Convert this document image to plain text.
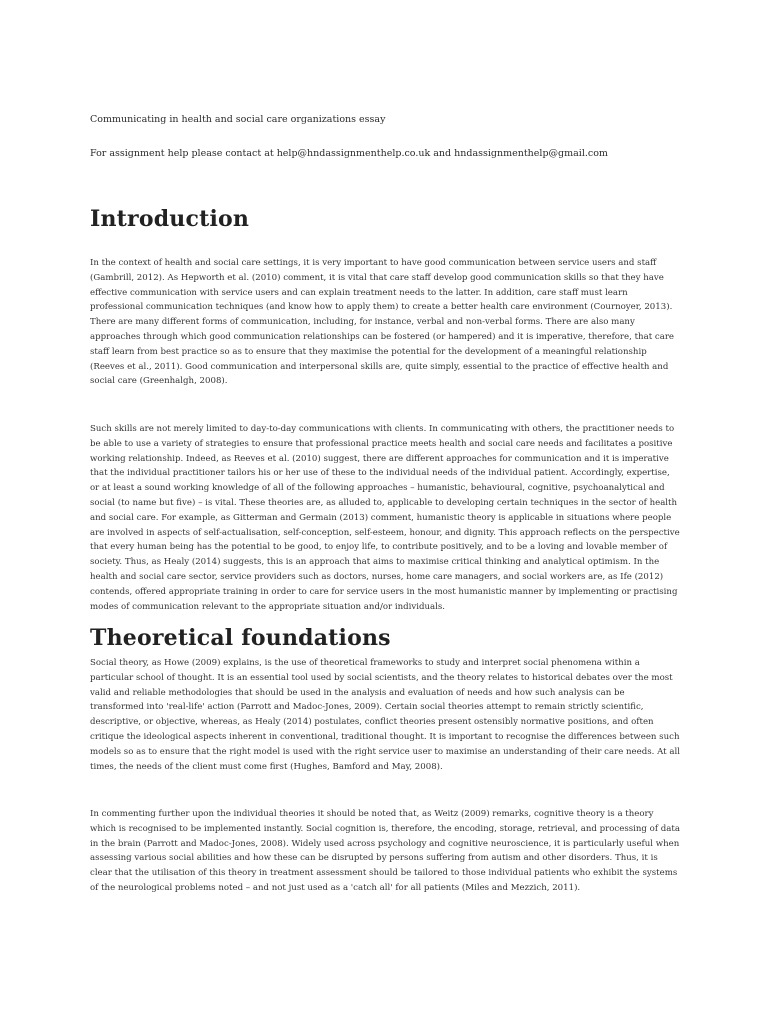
Communicating in health and social care organizations essay

For assignment help please contact at help@hndassignmenthelp.co.uk and hndassignmenthelp@gmail.com

Introduction

In the context of health and social care settings, it is very important to have good communication between service users and staff (Gambrill, 2012). As Hepworth et al. (2010) comment, it is vital that care staff develop good communication skills so that they have effective communication with service users and can explain treatment needs to the latter. In addition, care staff must learn professional communication techniques (and know how to apply them) to create a better health care environment (Cournoyer, 2013). There are many different forms of communication, including, for instance, verbal and non-verbal forms. There are also many approaches through which good communication relationships can be fostered (or hampered) and it is imperative, therefore, that care staff learn from best practice so as to ensure that they maximise the potential for the development of a meaningful relationship (Reeves et al., 2011). Good communication and interpersonal skills are, quite simply, essential to the practice of effective health and social care (Greenhalgh, 2008).

Such skills are not merely limited to day-to-day communications with clients. In communicating with others, the practitioner needs to be able to use a variety of strategies to ensure that professional practice meets health and social care needs and facilitates a positive working relationship. Indeed, as Reeves et al. (2010) suggest, there are different approaches for communication and it is imperative that the individual practitioner tailors his or her use of these to the individual needs of the individual patient. Accordingly, expertise, or at least a sound working knowledge of all of the following approaches – humanistic, behavioural, cognitive, psychoanalytical and social (to name but five) – is vital. These theories are, as alluded to, applicable to developing certain techniques in the sector of health and social care. For example, as Gitterman and Germain (2013) comment, humanistic theory is applicable in situations where people are involved in aspects of self-actualisation, self-conception, self-esteem, honour, and dignity. This approach reflects on the perspective that every human being has the potential to be good, to enjoy life, to contribute positively, and to be a loving and lovable member of society. Thus, as Healy (2014) suggests, this is an approach that aims to maximise critical thinking and analytical optimism. In the health and social care sector, service providers such as doctors, nurses, home care managers, and social workers are, as Ife (2012) contends, offered appropriate training in order to care for service users in the most humanistic manner by implementing or practising modes of communication relevant to the appropriate situation and/or individuals.

Theoretical foundations

Social theory, as Howe (2009) explains, is the use of theoretical frameworks to study and interpret social phenomena within a particular school of thought. It is an essential tool used by social scientists, and the theory relates to historical debates over the most valid and reliable methodologies that should be used in the analysis and evaluation of needs and how such analysis can be transformed into 'real-life' action (Parrott and Madoc-Jones, 2009). Certain social theories attempt to remain strictly scientific, descriptive, or objective, whereas, as Healy (2014) postulates, conflict theories present ostensibly normative positions, and often critique the ideological aspects inherent in conventional, traditional thought. It is important to recognise the differences between such models so as to ensure that the right model is used with the right service user to maximise an understanding of their care needs. At all times, the needs of the client must come first (Hughes, Bamford and May, 2008).

In commenting further upon the individual theories it should be noted that, as Weitz (2009) remarks, cognitive theory is a theory which is recognised to be implemented instantly. Social cognition is, therefore, the encoding, storage, retrieval, and processing of data in the brain (Parrott and Madoc-Jones, 2008). Widely used across psychology and cognitive neuroscience, it is particularly useful when assessing various social abilities and how these can be disrupted by persons suffering from autism and other disorders. Thus, it is clear that the utilisation of this theory in treatment assessment should be tailored to those individual patients who exhibit the systems of the neurological problems noted – and not just used as a 'catch all' for all patients (Miles and Mezzich, 2011).
